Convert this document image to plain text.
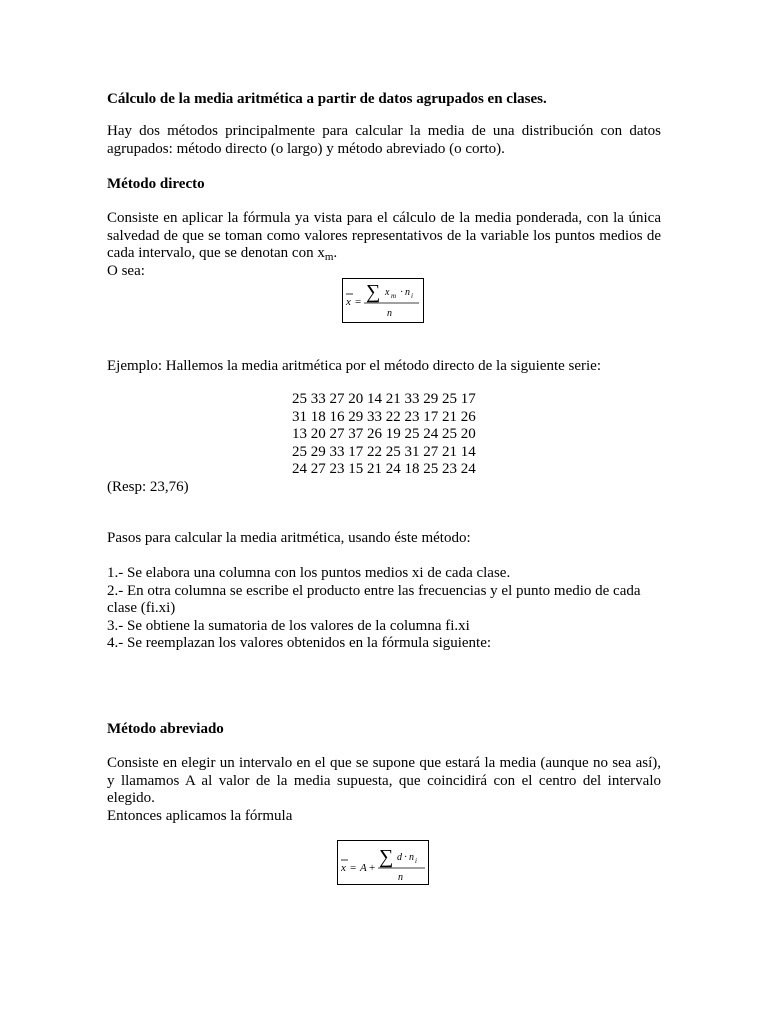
Cálculo de la media aritmética a partir de datos agrupados en clases.

Hay dos métodos principalmente para calcular la media de una distribución con datos
agrupados: método directo (o largo) y método abreviado (o corto).

Método directo

Consiste en aplicar la fórmula ya vista para el cálculo de la media ponderada, con la única
salvedad de que se toman como valores representativos de la variable los puntos medios de
cada intervalo, que se denotan con $x_m$.
O sea:

x = ∑ x m · n i
n

Ejemplo: Hallemos la media aritmética por el método directo de la siguiente serie:

25 33 27 20 14 21 33 29 25 17
31 18 16 29 33 22 23 17 21 26
13 20 27 37 26 19 25 24 25 20
25 29 33 17 22 25 31 27 21 14
24 27 23 15 21 24 18 25 23 24

(Resp: 23,76)

Pasos para calcular la media aritmética, usando éste método:

1.- Se elabora una columna con los puntos medios xi de cada clase.
2.- En otra columna se escribe el producto entre las frecuencias y el punto medio de cada
clase (fi.xi)
3.- Se obtiene la sumatoria de los valores de la columna fi.xi
4.- Se reemplazan los valores obtenidos en la fórmula siguiente:

Método abreviado

Consiste en elegir un intervalo en el que se supone que estará la media (aunque no sea así),
y llamamos A al valor de la media supuesta, que coincidirá con el centro del intervalo
elegido.
Entonces aplicamos la fórmula

x = A + ∑ d · n i
n
